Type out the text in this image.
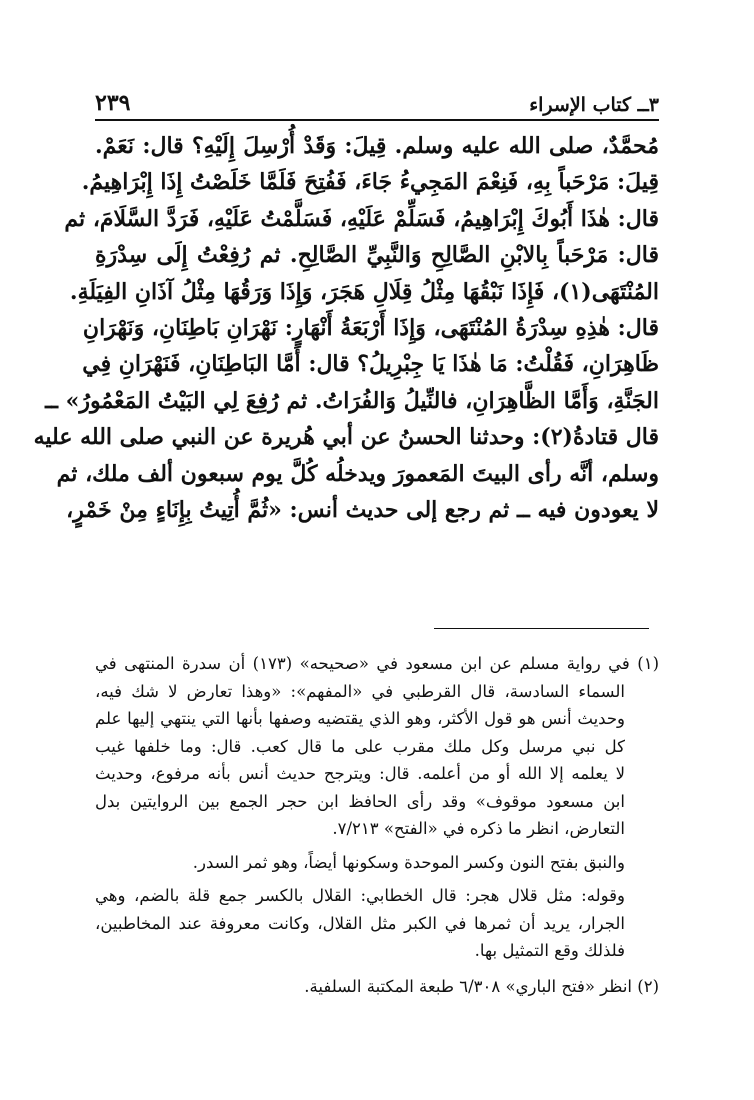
٣ــ كتاب الإسراء
٢٣٩
مُحمَّدٌ، صلى الله عليه وسلم. قِيلَ: وَقَدْ أُرْسِلَ إِلَيْهِ؟ قال: نَعَمْ.
قِيلَ: مَرْحَباً بِهِ، فَنِعْمَ المَجِيءُ جَاءَ، فَفُتِحَ فَلَمَّا خَلَصْتُ إِذَا إِبْرَاهِيمُ.
قال: هٰذَا أَبُوكَ إِبْرَاهِيمُ، فَسَلِّمْ عَلَيْهِ، فَسَلَّمْتُ عَلَيْهِ، فَرَدَّ السَّلَامَ، ثم
قال: مَرْحَباً بِالابْنِ الصَّالِحِ وَالنَّبِيِّ الصَّالِحِ. ثم رُفِعْتُ إِلَى سِدْرَةِ
المُنْتَهَى(١)، فَإِذَا نَبْقُهَا مِثْلُ قِلَالِ هَجَرَ، وَإِذَا وَرَقُهَا مِثْلُ آذَانِ الفِيَلَةِ.
قال: هٰذِهِ سِدْرَةُ المُنْتَهَى، وَإِذَا أَرْبَعَةُ أَنْهَارٍ: نَهْرَانِ بَاطِنَانِ، وَنَهْرَانِ
ظَاهِرَانِ، فَقُلْتُ: مَا هٰذَا يَا جِبْرِيلُ؟ قال: أَمَّا البَاطِنَانِ، فَنَهْرَانِ فِي
الجَنَّةِ، وَأَمَّا الظَّاهِرَانِ، فالنِّيلُ وَالفُرَاتُ. ثم رُفِعَ لِي البَيْتُ المَعْمُورُ» ــ
قال قتادةُ(٢): وحدثنا الحسنُ عن أبي هُريرة عن النبي صلى الله عليه
وسلم، أنَّه رأى البيتَ المَعمورَ ويدخلُه كُلَّ يوم سبعون ألف ملك، ثم
لا يعودون فيه ــ ثم رجع إلى حديث أنس: «ثُمَّ أُتِيتُ بِإِنَاءٍ مِنْ خَمْرٍ،
(١) في رواية مسلم عن ابن مسعود في «صحيحه» (١٧٣) أن سدرة المنتهى في
السماء السادسة، قال القرطبي في «المفهم»: «وهذا تعارض لا شك فيه،
وحديث أنس هو قول الأكثر، وهو الذي يقتضيه وصفها بأنها التي ينتهي إليها علم
كل نبي مرسل وكل ملك مقرب على ما قال كعب. قال: وما خلفها غيب
لا يعلمه إلا الله أو من أعلمه. قال: ويترجح حديث أنس بأنه مرفوع، وحديث
ابن مسعود موقوف» وقد رأى الحافظ ابن حجر الجمع بين الروايتين بدل
التعارض، انظر ما ذكره في «الفتح» ٧/٢١٣.
والنبق بفتح النون وكسر الموحدة وسكونها أيضاً، وهو ثمر السدر.
وقوله: مثل قلال هجر: قال الخطابي: القلال بالكسر جمع قلة بالضم، وهي
الجرار، يريد أن ثمرها في الكبر مثل القلال، وكانت معروفة عند المخاطبين،
فلذلك وقع التمثيل بها.
(٢) انظر «فتح الباري» ٦/٣٠٨ طبعة المكتبة السلفية.
